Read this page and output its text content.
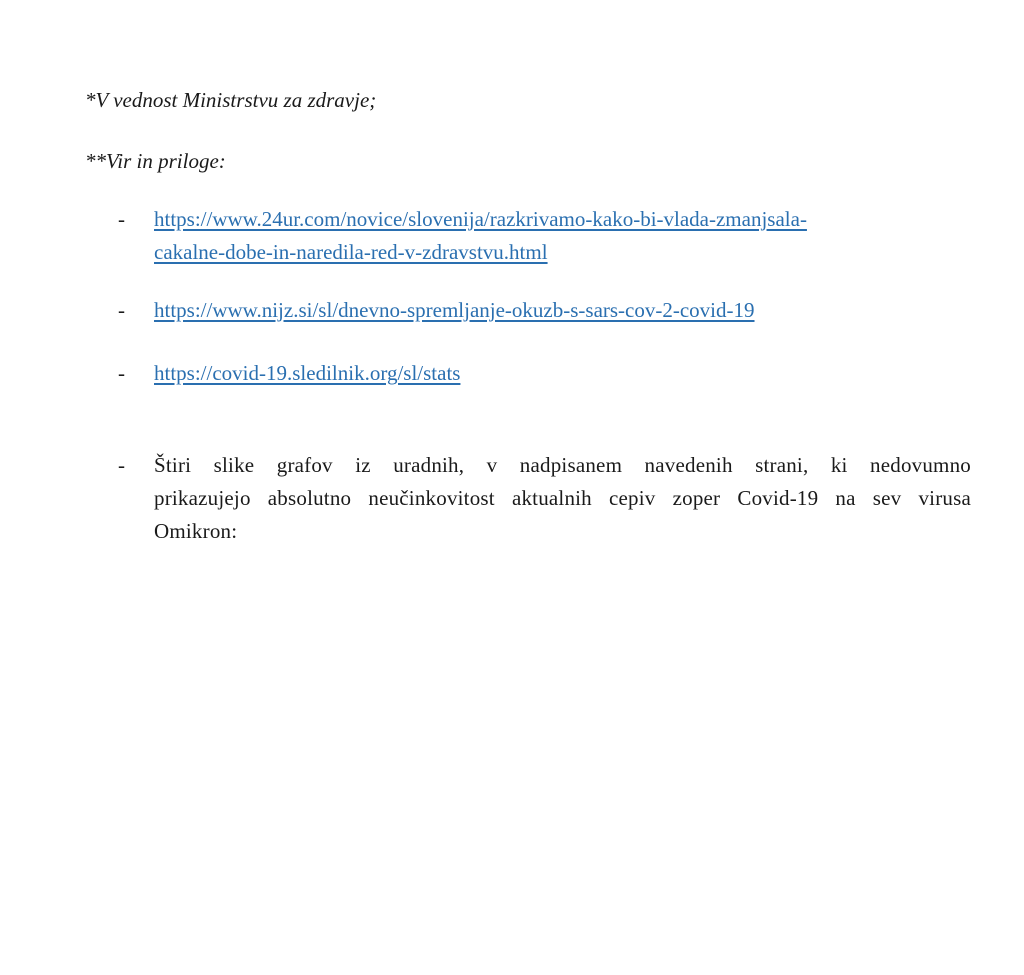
*V vednost Ministrstvu za zdravje;
**Vir in priloge:
- https://www.24ur.com/novice/slovenija/razkrivamo-kako-bi-vlada-zmanjsala-
cakalne-dobe-in-naredila-red-v-zdravstvu.html
- https://www.nijz.si/sl/dnevno-spremljanje-okuzb-s-sars-cov-2-covid-19
- https://covid-19.sledilnik.org/sl/stats
- Štiri slike grafov iz uradnih, v nadpisanem navedenih strani, ki nedovumno
prikazujejo absolutno neučinkovitost aktualnih cepiv zoper Covid-19 na sev virusa
Omikron:
